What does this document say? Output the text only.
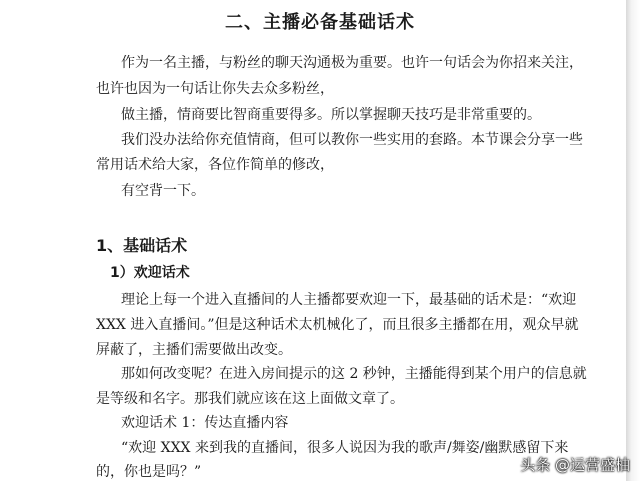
二、主播必备基础话术
作为一名主播，与粉丝的聊天沟通极为重要。也许一句话会为你招来关注，
也许也因为一句话让你失去众多粉丝，
做主播，情商要比智商重要得多。所以掌握聊天技巧是非常重要的。
我们没办法给你充值情商，但可以教你一些实用的套路。本节课会分享一些
常用话术给大家，各位作简单的修改，
有空背一下。
1、基础话术
1）欢迎话术
理论上每一个进入直播间的人主播都要欢迎一下，最基础的话术是：“欢迎
XXX 进入直播间。”但是这种话术太机械化了，而且很多主播都在用，观众早就
屏蔽了，主播们需要做出改变。
那如何改变呢？在进入房间提示的这 2 秒钟，主播能得到某个用户的信息就
是等级和名字。那我们就应该在这上面做文章了。
欢迎话术 1：传达直播内容
“欢迎 XXX 来到我的直播间，很多人说因为我的歌声/舞姿/幽默感留下来
的，你也是吗？”	头条 @运营盛柚
